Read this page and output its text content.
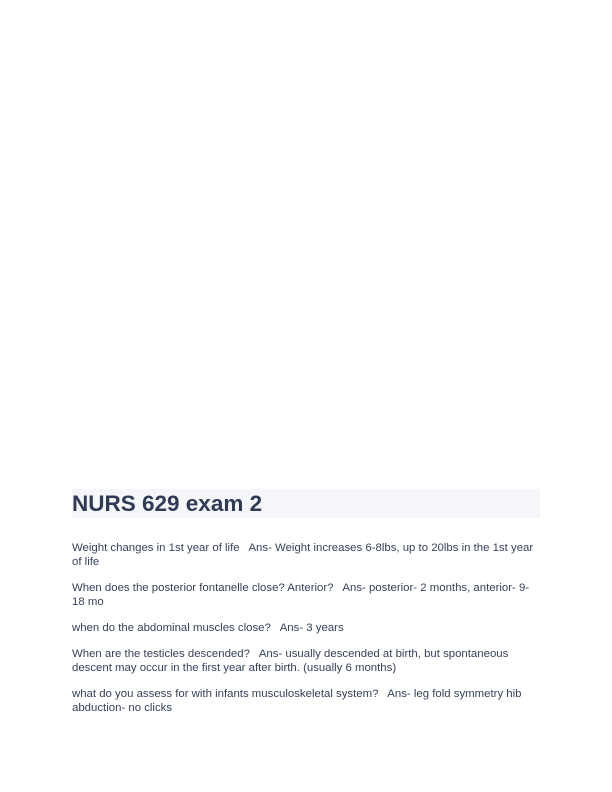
NURS 629 exam 2

Weight changes in 1st year of life Ans- Weight increases 6-8lbs, up to 20lbs in the 1st year of life

When does the posterior fontanelle close? Anterior? Ans- posterior- 2 months, anterior- 9-18 mo

when do the abdominal muscles close? Ans- 3 years

When are the testicles descended? Ans- usually descended at birth, but spontaneous descent may occur in the first year after birth. (usually 6 months)

what do you assess for with infants musculoskeletal system? Ans- leg fold symmetry hib abduction- no clicks
